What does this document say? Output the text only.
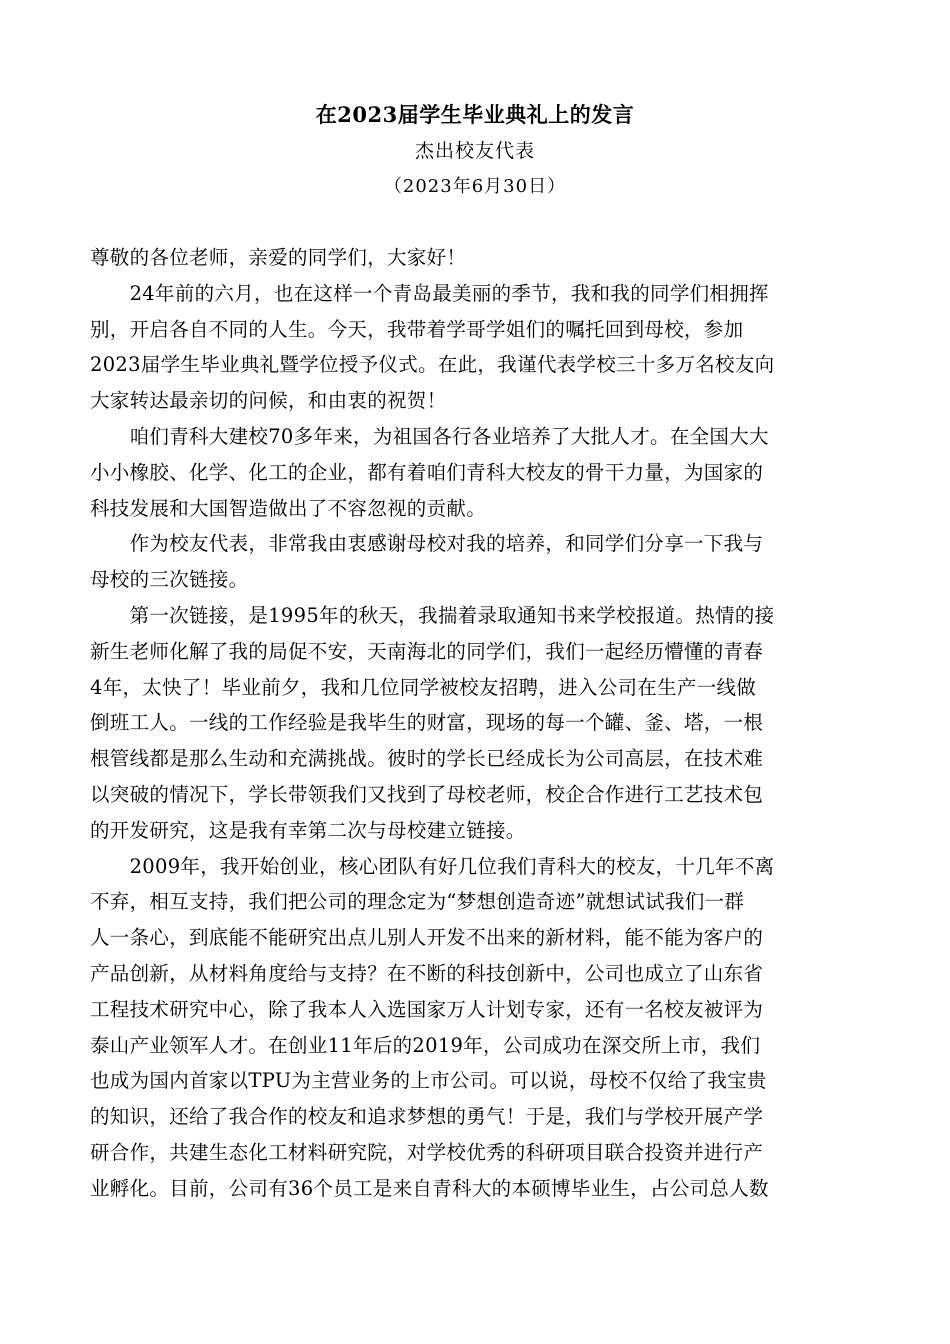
在2023届学生毕业典礼上的发言
杰出校友代表
（2023年6月30日）
尊敬的各位老师，亲爱的同学们，大家好！
　　24年前的六月，也在这样一个青岛最美丽的季节，我和我的同学们相拥挥
别，开启各自不同的人生。今天，我带着学哥学姐们的嘱托回到母校，参加
2023届学生毕业典礼暨学位授予仪式。在此，我谨代表学校三十多万名校友向
大家转达最亲切的问候，和由衷的祝贺！
　　咱们青科大建校70多年来，为祖国各行各业培养了大批人才。在全国大大
小小橡胶、化学、化工的企业，都有着咱们青科大校友的骨干力量，为国家的
科技发展和大国智造做出了不容忽视的贡献。
　　作为校友代表，非常我由衷感谢母校对我的培养，和同学们分享一下我与
母校的三次链接。
　　第一次链接，是1995年的秋天，我揣着录取通知书来学校报道。热情的接
新生老师化解了我的局促不安，天南海北的同学们，我们一起经历懵懂的青春
4年，太快了！毕业前夕，我和几位同学被校友招聘，进入公司在生产一线做
倒班工人。一线的工作经验是我毕生的财富，现场的每一个罐、釜、塔，一根
根管线都是那么生动和充满挑战。彼时的学长已经成长为公司高层，在技术难
以突破的情况下，学长带领我们又找到了母校老师，校企合作进行工艺技术包
的开发研究，这是我有幸第二次与母校建立链接。
　　2009年，我开始创业，核心团队有好几位我们青科大的校友，十几年不离
不弃，相互支持，我们把公司的理念定为“梦想创造奇迹”就想试试我们一群
人一条心，到底能不能研究出点儿别人开发不出来的新材料，能不能为客户的
产品创新，从材料角度给与支持？在不断的科技创新中，公司也成立了山东省
工程技术研究中心，除了我本人入选国家万人计划专家，还有一名校友被评为
泰山产业领军人才。在创业11年后的2019年，公司成功在深交所上市，我们
也成为国内首家以TPU为主营业务的上市公司。可以说，母校不仅给了我宝贵
的知识，还给了我合作的校友和追求梦想的勇气！于是，我们与学校开展产学
研合作，共建生态化工材料研究院，对学校优秀的科研项目联合投资并进行产
业孵化。目前，公司有36个员工是来自青科大的本硕博毕业生，占公司总人数
